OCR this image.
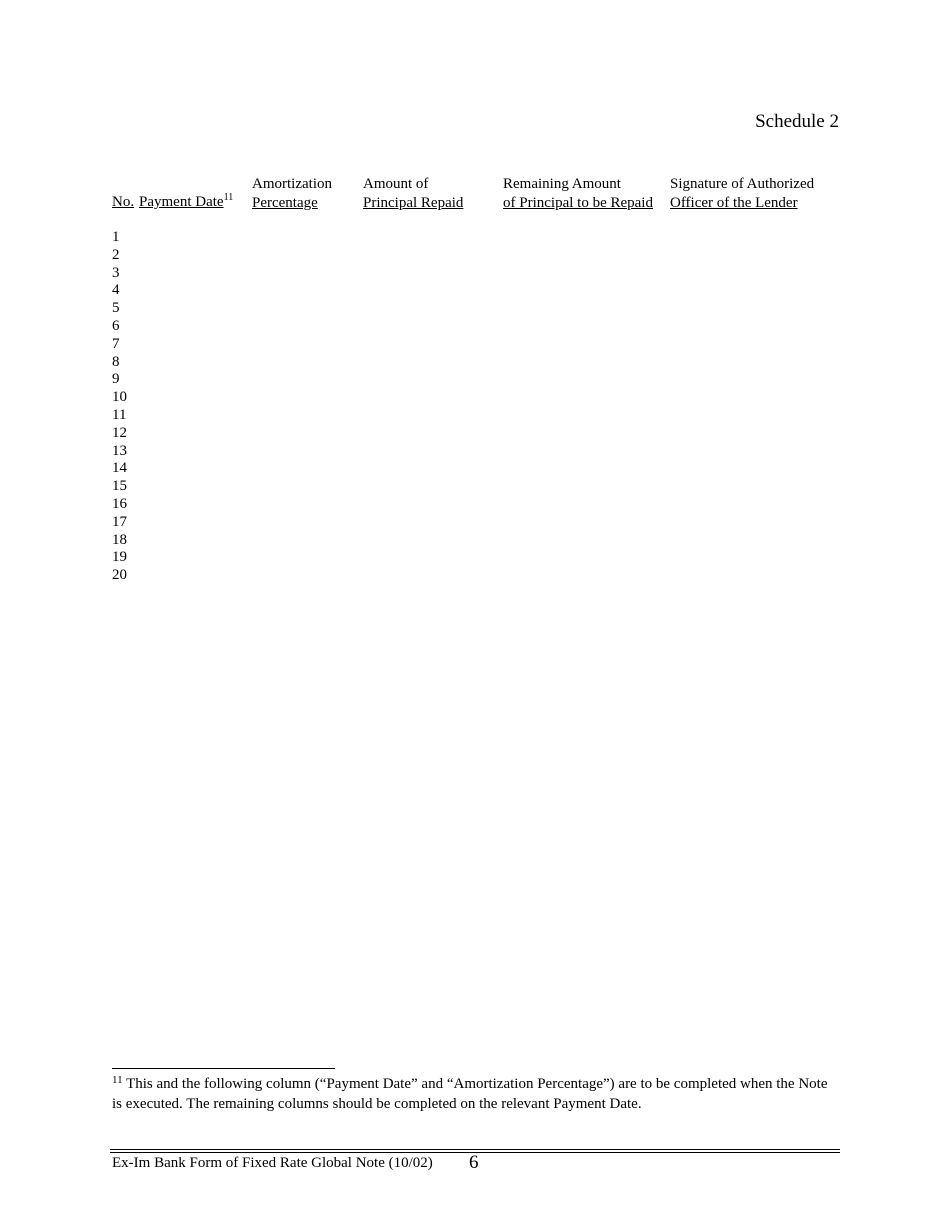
Schedule 2
No. Payment Date$^{11}$
Amortization
Percentage
Amount of
Principal Repaid
Remaining Amount
of Principal to be Repaid
Signature of Authorized
Officer of the Lender
1
2
3
4
5
6
7
8
9
10
11
12
13
14
15
16
17
18
19
20
$^{11}$ This and the following column (“Payment Date” and “Amortization Percentage”) are to be completed when the Note is executed. The remaining columns should be completed on the relevant Payment Date.
Ex-Im Bank Form of Fixed Rate Global Note (10/02) 6
